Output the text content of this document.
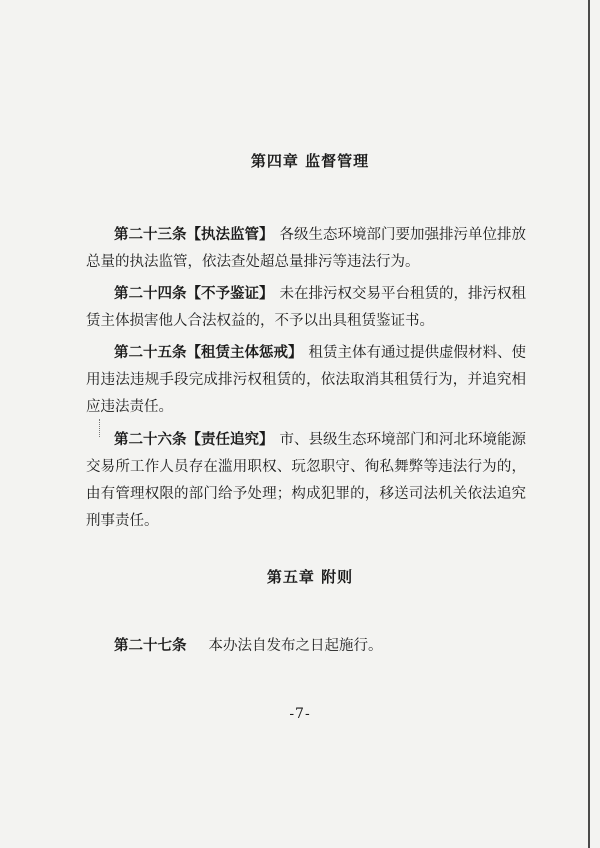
第四章 监督管理
第二十三条【执法监管】 各级生态环境部门要加强排污单位排放总量的执法监管，依法查处超总量排污等违法行为。
第二十四条【不予鉴证】 未在排污权交易平台租赁的，排污权租赁主体损害他人合法权益的，不予以出具租赁鉴证书。
第二十五条【租赁主体惩戒】 租赁主体有通过提供虚假材料、使用违法违规手段完成排污权租赁的，依法取消其租赁行为，并追究相应违法责任。
第二十六条【责任追究】 市、县级生态环境部门和河北环境能源交易所工作人员存在滥用职权、玩忽职守、徇私舞弊等违法行为的，由有管理权限的部门给予处理；构成犯罪的，移送司法机关依法追究刑事责任。
第五章 附则
第二十七条 本办法自发布之日起施行。
-7-
